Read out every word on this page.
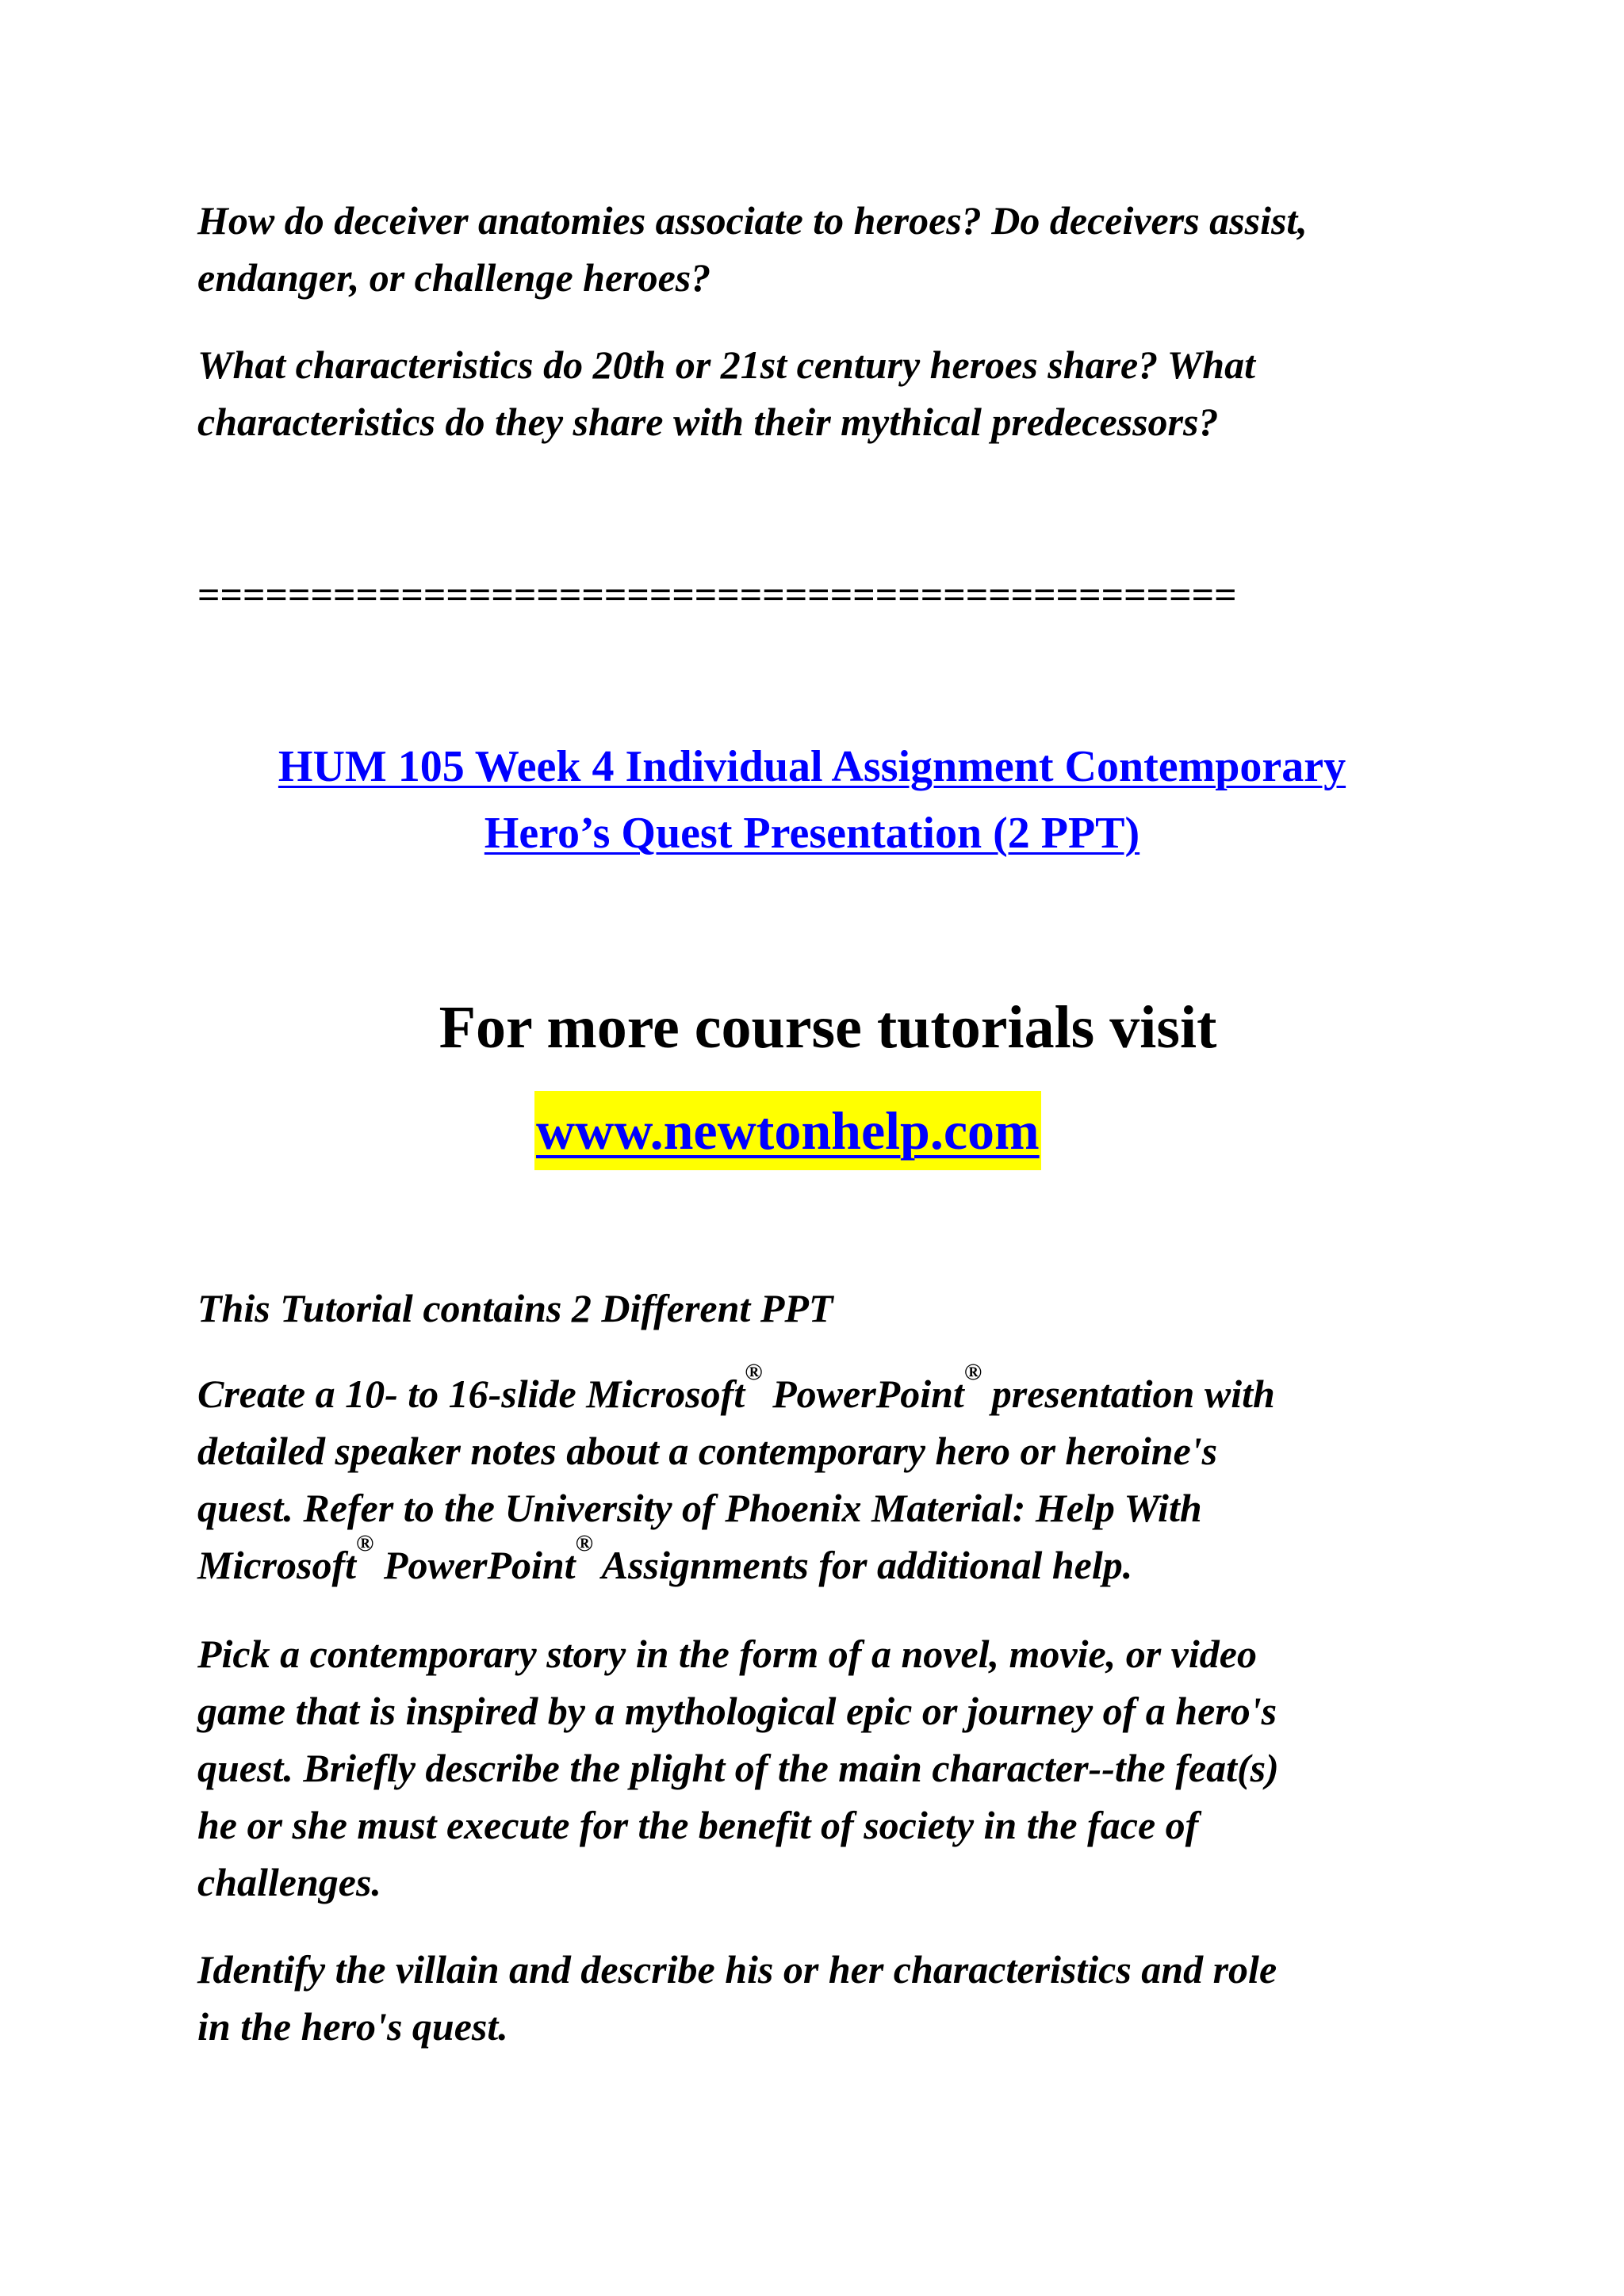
How do deceiver anatomies associate to heroes? Do deceivers assist,
endanger, or challenge heroes?

What characteristics do 20th or 21st century heroes share? What
characteristics do they share with their mythical predecessors?

==============================================
HUM 105 Week 4 Individual Assignment Contemporary
Hero’s Quest Presentation (2 PPT)
For more course tutorials visit
www.newtonhelp.com

This Tutorial contains 2 Different PPT

Create a 10- to 16-slide Microsoft® PowerPoint® presentation with
detailed speaker notes about a contemporary hero or heroine's
quest. Refer to the University of Phoenix Material: Help With
Microsoft® PowerPoint® Assignments for additional help.

Pick a contemporary story in the form of a novel, movie, or video
game that is inspired by a mythological epic or journey of a hero's
quest. Briefly describe the plight of the main character--the feat(s)
he or she must execute for the benefit of society in the face of
challenges.

Identify the villain and describe his or her characteristics and role
in the hero's quest.
